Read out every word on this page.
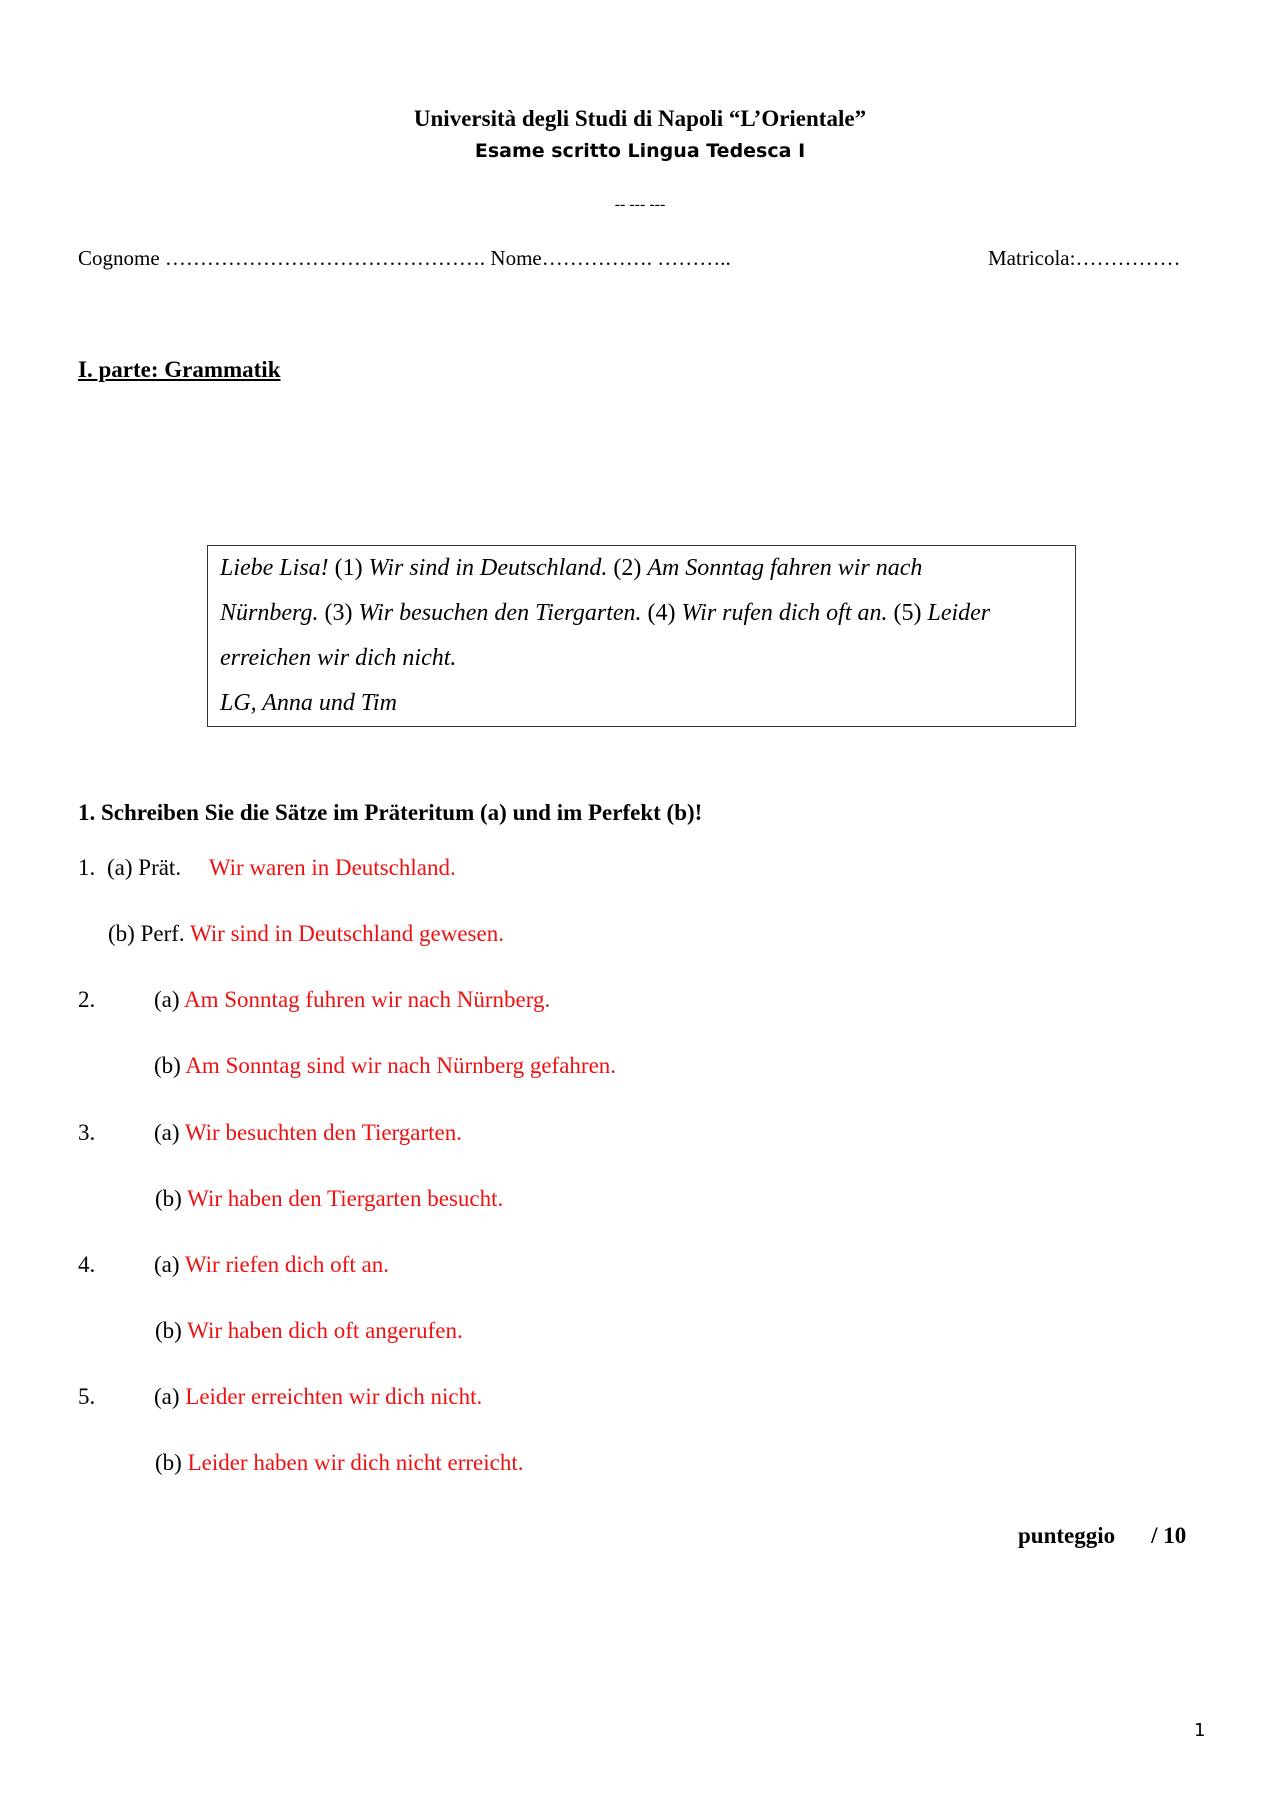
Università degli Studi di Napoli “L’Orientale”
Esame scritto Lingua Tedesca I
-- --- ---
Cognome ………………………………………. Nome……………. ………..	Matricola:……………
I. parte: Grammatik
Liebe Lisa! (1) Wir sind in Deutschland. (2) Am Sonntag fahren wir nach
Nürnberg. (3) Wir besuchen den Tiergarten. (4) Wir rufen dich oft an. (5) Leider
erreichen wir dich nicht.
LG, Anna und Tim
1. Schreiben Sie die Sätze im Präteritum (a) und im Perfekt (b)!
1. (a) Prät. Wir waren in Deutschland.
(b) Perf. Wir sind in Deutschland gewesen.
2.	(a) Am Sonntag fuhren wir nach Nürnberg.
(b) Am Sonntag sind wir nach Nürnberg gefahren.
3.	(a) Wir besuchten den Tiergarten.
(b) Wir haben den Tiergarten besucht.
4.	(a) Wir riefen dich oft an.
(b) Wir haben dich oft angerufen.
5.	(a) Leider erreichten wir dich nicht.
(b) Leider haben wir dich nicht erreicht.
punteggio / 10
1
